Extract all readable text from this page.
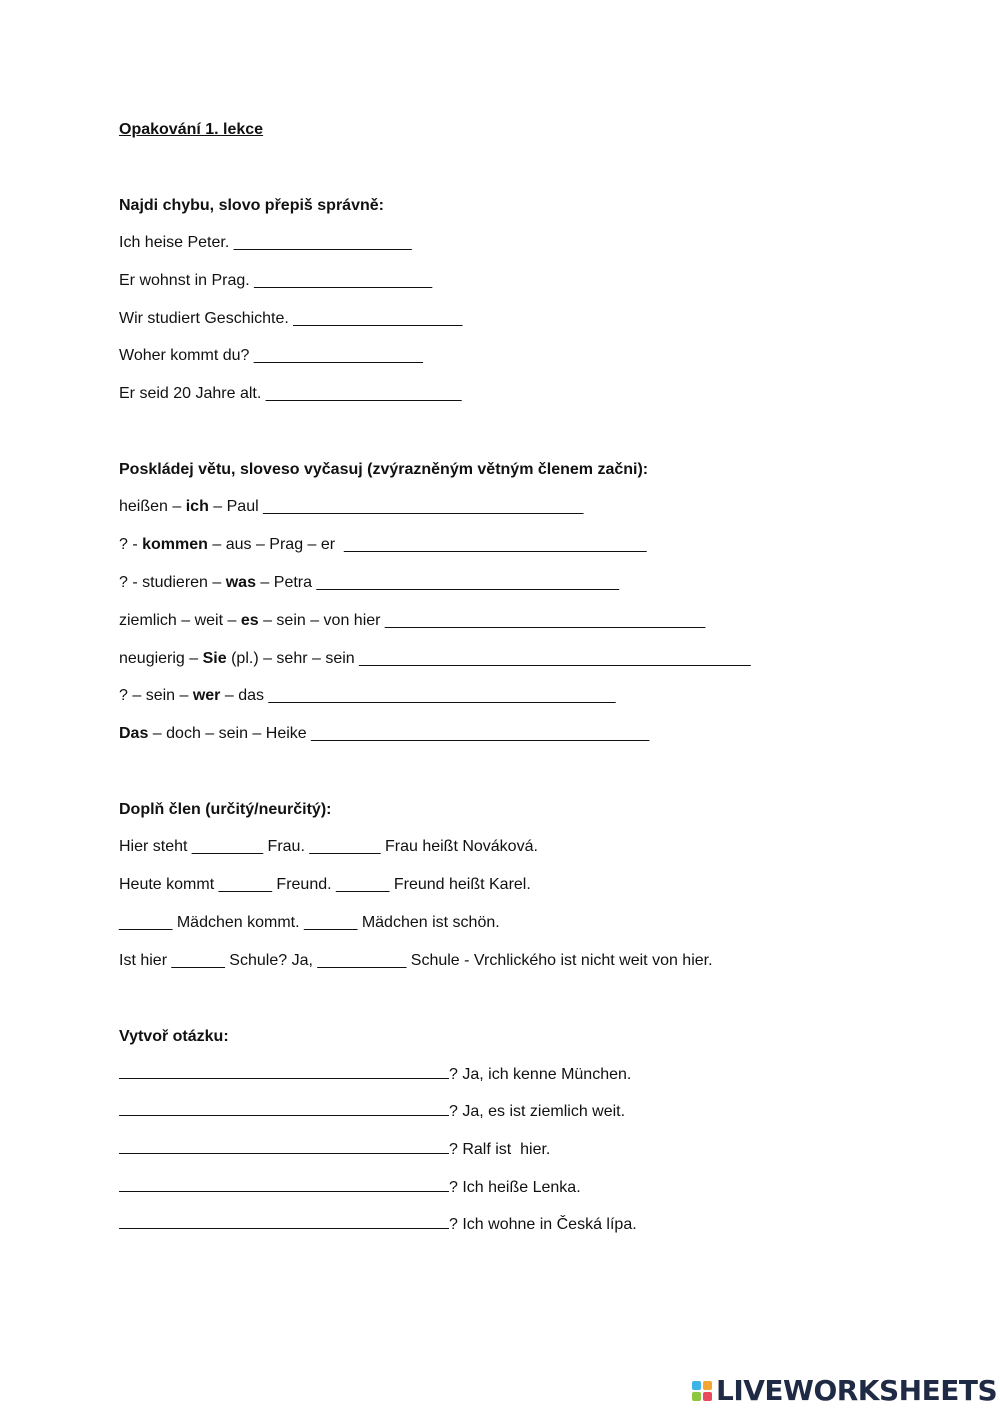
Opakování 1. lekce
Najdi chybu, slovo přepiš správně:
Ich heise Peter. ____________________
Er wohnst in Prag. ____________________
Wir studiert Geschichte. ___________________
Woher kommt du? ___________________
Er seid 20 Jahre alt. ______________________
Poskládej větu, sloveso vyčasuj (zvýrazněným větným členem začni):
heißen – ich – Paul ____________________________________
? - kommen – aus – Prag – er  __________________________________
? - studieren – was – Petra __________________________________
ziemlich – weit – es – sein – von hier ____________________________________
neugierig – Sie (pl.) – sehr – sein ____________________________________________
? – sein – wer – das _______________________________________
Das – doch – sein – Heike ______________________________________
Doplň člen (určitý/neurčitý):
Hier steht ________ Frau. ________ Frau heißt Nováková.
Heute kommt ______ Freund. ______ Freund heißt Karel.
______ Mädchen kommt. ______ Mädchen ist schön.
Ist hier ______ Schule? Ja, __________ Schule - Vrchlického ist nicht weit von hier.
Vytvoř otázku:
? Ja, ich kenne München.
? Ja, es ist ziemlich weit.
? Ralf ist  hier.
? Ich heiße Lenka.
? Ich wohne in Česká lípa.
LIVEWORKSHEETS
